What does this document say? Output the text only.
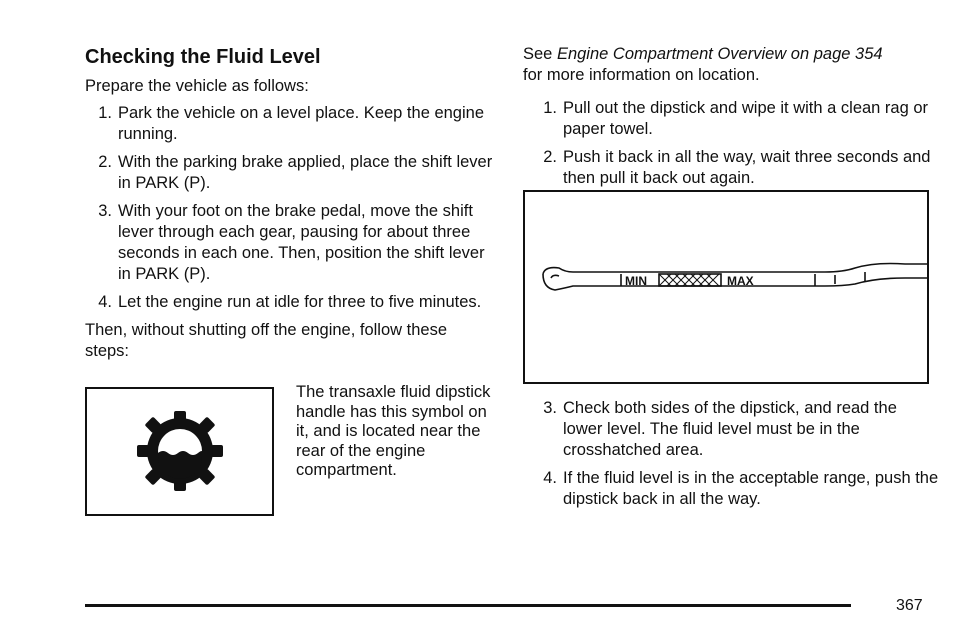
Checking the Fluid Level

Prepare the vehicle as follows:

1. Park the vehicle on a level place. Keep the engine running.
2. With the parking brake applied, place the shift lever in PARK (P).
3. With your foot on the brake pedal, move the shift lever through each gear, pausing for about three seconds in each one. Then, position the shift lever in PARK (P).
4. Let the engine run at idle for three to five minutes.

Then, without shutting off the engine, follow these steps:

The transaxle fluid dipstick handle has this symbol on it, and is located near the rear of the engine compartment.

See Engine Compartment Overview on page 354
for more information on location.

1. Pull out the dipstick and wipe it with a clean rag or paper towel.
2. Push it back in all the way, wait three seconds and then pull it back out again.
MIN	MAX
3. Check both sides of the dipstick, and read the lower level. The fluid level must be in the crosshatched area.
4. If the fluid level is in the acceptable range, push the dipstick back in all the way.
367
